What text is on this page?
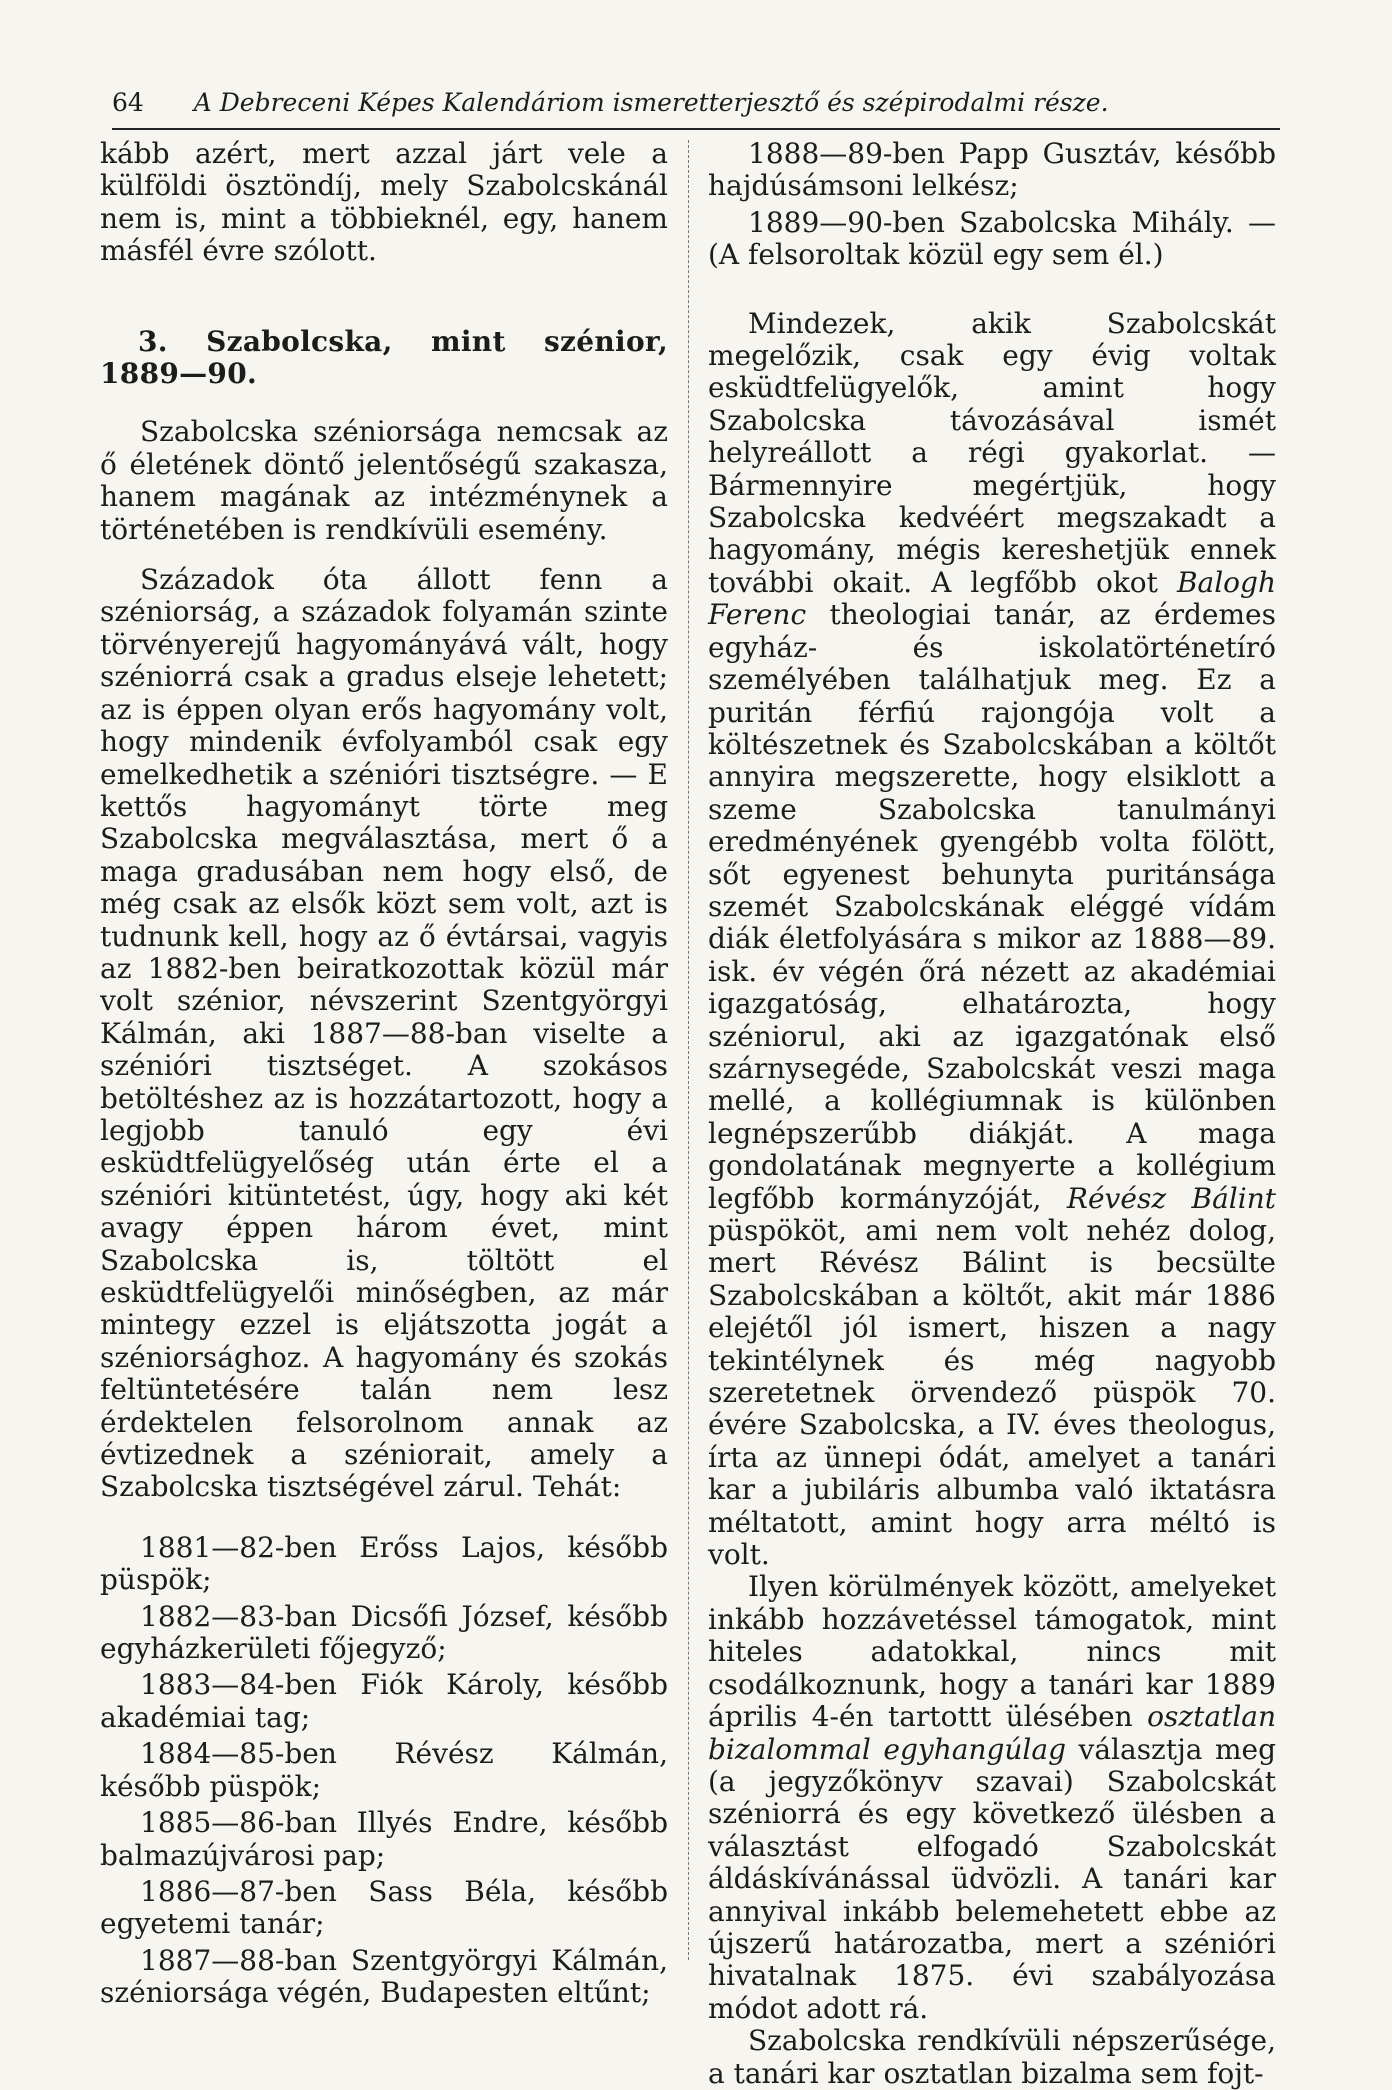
64 A Debreceni Képes Kalendáriom ismeretterjesztő és szépirodalmi része.

kább azért, mert azzal járt vele a külföldi ösztöndíj, mely Szabolcskánál nem is, mint a többieknél, egy, hanem másfél évre szólott.

3. Szabolcska, mint szénior, 1889—90.

Szabolcska széniorsága nemcsak az ő életének döntő jelentőségű szakasza, hanem magának az intézménynek a történetében is rendkívüli esemény.

Századok óta állott fenn a széniorság, a századok folyamán szinte törvényerejű hagyományává vált, hogy széniorrá csak a gradus elseje lehetett; az is éppen olyan erős hagyomány volt, hogy mindenik évfolyamból csak egy emelkedhetik a szénióri tisztségre. — E kettős hagyományt törte meg Szabolcska megválasztása, mert ő a maga gradusában nem hogy első, de még csak az elsők közt sem volt, azt is tudnunk kell, hogy az ő évtársai, vagyis az 1882-ben beiratkozottak közül már volt szénior, névszerint Szentgyörgyi Kálmán, aki 1887—88-ban viselte a szénióri tisztséget. A szokásos betöltéshez az is hozzátartozott, hogy a legjobb tanuló egy évi esküdtfelügyelőség után érte el a szénióri kitüntetést, úgy, hogy aki két avagy éppen három évet, mint Szabolcska is, töltött el esküdtfelügyelői minőségben, az már mintegy ezzel is eljátszotta jogát a széniorsághoz. A hagyomány és szokás feltüntetésére talán nem lesz érdektelen felsorolnom annak az évtizednek a széniorait, amely a Szabolcska tisztségével zárul. Tehát:

1881—82-ben Erőss Lajos, később püspök;

1882—83-ban Dicsőfi József, később egyházkerületi főjegyző;

1883—84-ben Fiók Károly, később akadémiai tag;

1884—85-ben Révész Kálmán, később püspök;

1885—86-ban Illyés Endre, később balmazújvárosi pap;

1886—87-ben Sass Béla, később egyetemi tanár;

1887—88-ban Szentgyörgyi Kálmán, széniorsága végén, Budapesten eltűnt;

1888—89-ben Papp Gusztáv, később hajdúsámsoni lelkész;

1889—90-ben Szabolcska Mihály. — (A felsoroltak közül egy sem él.)

Mindezek, akik Szabolcskát megelőzik, csak egy évig voltak esküdtfelügyelők, amint hogy Szabolcska távozásával ismét helyreállott a régi gyakorlat. — Bármennyire megértjük, hogy Szabolcska kedvéért megszakadt a hagyomány, mégis kereshetjük ennek további okait. A legfőbb okot Balogh Ferenc theologiai tanár, az érdemes egyház- és iskolatörténetíró személyében találhatjuk meg. Ez a puritán férfiú rajongója volt a költészetnek és Szabolcskában a költőt annyira megszerette, hogy elsiklott a szeme Szabolcska tanulmányi eredményének gyengébb volta fölött, sőt egyenest behunyta puritánsága szemét Szabolcskának eléggé vídám diák életfolyására s mikor az 1888—89. isk. év végén őrá nézett az akadémiai igazgatóság, elhatározta, hogy széniorul, aki az igazgatónak első szárnysegéde, Szabolcskát veszi maga mellé, a kollégiumnak is különben legnépszerűbb diákját. A maga gondolatának megnyerte a kollégium legfőbb kormányzóját, Révész Bálint püspököt, ami nem volt nehéz dolog, mert Révész Bálint is becsülte Szabolcskában a költőt, akit már 1886 elejétől jól ismert, hiszen a nagy tekintélynek és még nagyobb szeretetnek örvendező püspök 70. évére Szabolcska, a IV. éves theologus, írta az ünnepi ódát, amelyet a tanári kar a jubiláris albumba való iktatásra méltatott, amint hogy arra méltó is volt.

Ilyen körülmények között, amelyeket inkább hozzávetéssel támogatok, mint hiteles adatokkal, nincs mit csodálkoznunk, hogy a tanári kar 1889 április 4-én tartottt ülésében osztatlan bizalommal egyhangúlag választja meg (a jegyzőkönyv szavai) Szabolcskát széniorrá és egy következő ülésben a választást elfogadó Szabolcskát áldáskívánással üdvözli. A tanári kar annyival inkább belemehetett ebbe az újszerű határozatba, mert a szénióri hivatalnak 1875. évi szabályozása módot adott rá.

Szabolcska rendkívüli népszerűsége, a tanári kar osztatlan bizalma sem fojt-
